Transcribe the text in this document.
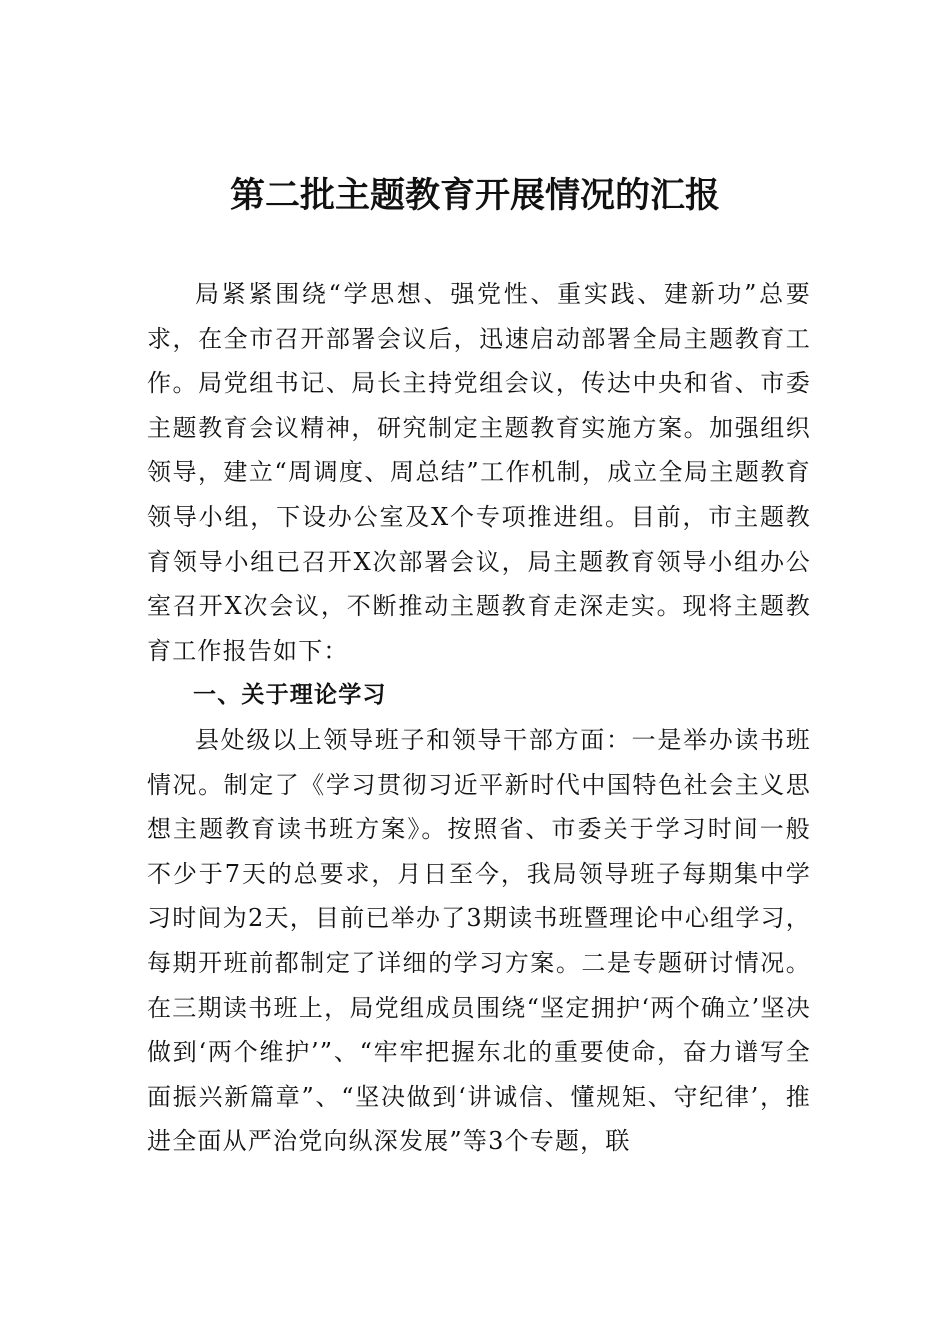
第二批主题教育开展情况的汇报

局紧紧围绕“学思想、强党性、重实践、建新功”总要求，在全市召开部署会议后，迅速启动部署全局主题教育工作。局党组书记、局长主持党组会议，传达中央和省、市委主题教育会议精神，研究制定主题教育实施方案。加强组织领导，建立“周调度、周总结”工作机制，成立全局主题教育领导小组，下设办公室及X个专项推进组。目前，市主题教育领导小组已召开X次部署会议，局主题教育领导小组办公室召开X次会议，不断推动主题教育走深走实。现将主题教育工作报告如下：

一、关于理论学习

县处级以上领导班子和领导干部方面：一是举办读书班情况。制定了《学习贯彻习近平新时代中国特色社会主义思想主题教育读书班方案》。按照省、市委关于学习时间一般不少于7天的总要求，月日至今，我局领导班子每期集中学习时间为2天，目前已举办了3期读书班暨理论中心组学习，每期开班前都制定了详细的学习方案。二是专题研讨情况。在三期读书班上，局党组成员围绕“坚定拥护‘两个确立’坚决做到‘两个维护’”、“牢牢把握东北的重要使命，奋力谱写全面振兴新篇章”、“坚决做到‘讲诚信、懂规矩、守纪律’，推进全面从严治党向纵深发展”等3个专题，联
